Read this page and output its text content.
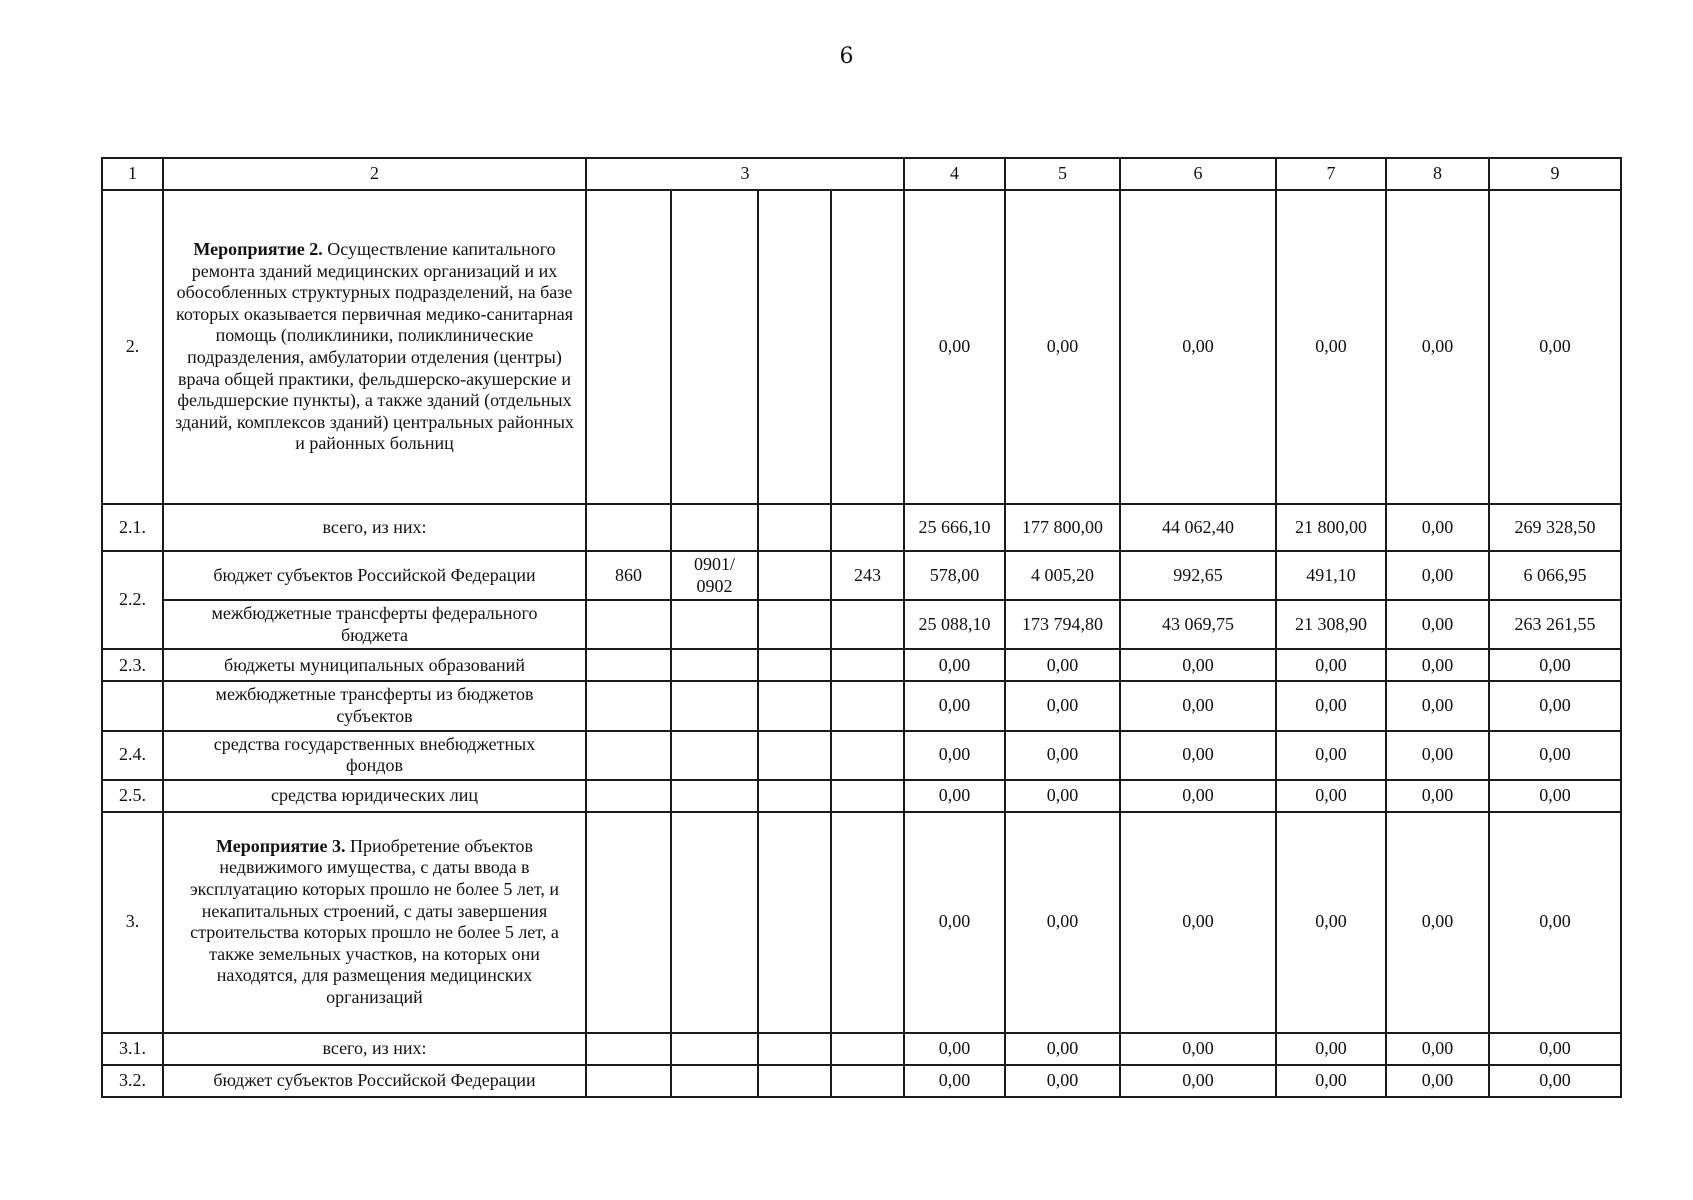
6
1	2	3				4	5	6	7	8	9
2.	Мероприятие 2. Осуществление капитального ремонта зданий медицинских организаций и их обособленных структурных подразделений, на базе которых оказывается первичная медико-санитарная помощь (поликлиники, поликлинические подразделения, амбулатории отделения (центры) врача общей практики, фельдшерско-акушерские и фельдшерские пункты), а также зданий (отдельных зданий, комплексов зданий) центральных районных и районных больниц					0,00	0,00	0,00	0,00	0,00	0,00
2.1.	всего, из них:					25 666,10	177 800,00	44 062,40	21 800,00	0,00	269 328,50
2.2.	бюджет субъектов Российской Федерации	860	0901/ 0902		243	578,00	4 005,20	992,65	491,10	0,00	6 066,95
	межбюджетные трансферты федерального бюджета					25 088,10	173 794,80	43 069,75	21 308,90	0,00	263 261,55
2.3.	бюджеты муниципальных образований					0,00	0,00	0,00	0,00	0,00	0,00
	межбюджетные трансферты из бюджетов субъектов					0,00	0,00	0,00	0,00	0,00	0,00
2.4.	средства государственных внебюджетных фондов					0,00	0,00	0,00	0,00	0,00	0,00
2.5.	средства юридических лиц					0,00	0,00	0,00	0,00	0,00	0,00
3.	Мероприятие 3. Приобретение объектов недвижимого имущества, с даты ввода в эксплуатацию которых прошло не более 5 лет, и некапитальных строений, с даты завершения строительства которых прошло не более 5 лет, а также земельных участков, на которых они находятся, для размещения медицинских организаций					0,00	0,00	0,00	0,00	0,00	0,00
3.1.	всего, из них:					0,00	0,00	0,00	0,00	0,00	0,00
3.2.	бюджет субъектов Российской Федерации					0,00	0,00	0,00	0,00	0,00	0,00
